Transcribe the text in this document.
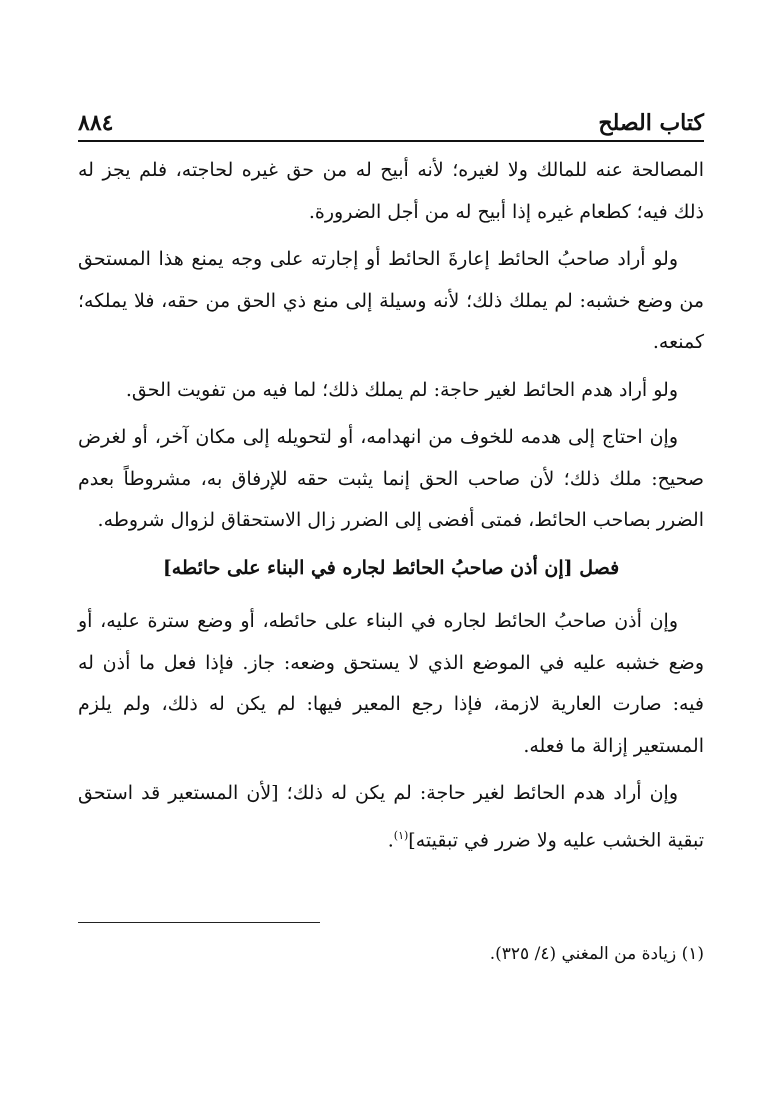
كتاب الصلح
٨٨٤

المصالحة عنه للمالك ولا لغيره؛ لأنه أبيح له من حق غيره لحاجته، فلم يجز له ذلك فيه؛ كطعام غيره إذا أبيح له من أجل الضرورة.

ولو أراد صاحبُ الحائط إعارةَ الحائط أو إجارته على وجه يمنع هذا المستحق من وضع خشبه: لم يملك ذلك؛ لأنه وسيلة إلى منع ذي الحق من حقه، فلا يملكه؛ كمنعه.

ولو أراد هدم الحائط لغير حاجة: لم يملك ذلك؛ لما فيه من تفويت الحق.

وإن احتاج إلى هدمه للخوف من انهدامه، أو لتحويله إلى مكان آخر، أو لغرض صحيح: ملك ذلك؛ لأن صاحب الحق إنما يثبت حقه للإرفاق به، مشروطاً بعدم الضرر بصاحب الحائط، فمتى أفضى إلى الضرر زال الاستحقاق لزوال شروطه.

فصل [إن أذن صاحبُ الحائط لجاره في البناء على حائطه]

وإن أذن صاحبُ الحائط لجاره في البناء على حائطه، أو وضع سترة عليه، أو وضع خشبه عليه في الموضع الذي لا يستحق وضعه: جاز. فإذا فعل ما أذن له فيه: صارت العارية لازمة، فإذا رجع المعير فيها: لم يكن له ذلك، ولم يلزم المستعير إزالة ما فعله.

وإن أراد هدم الحائط لغير حاجة: لم يكن له ذلك؛ [لأن المستعير قد استحق تبقية الخشب عليه ولا ضرر في تبقيته]$^{(١)}$.

(١) زيادة من المغني (٤/ ٣٢٥).
